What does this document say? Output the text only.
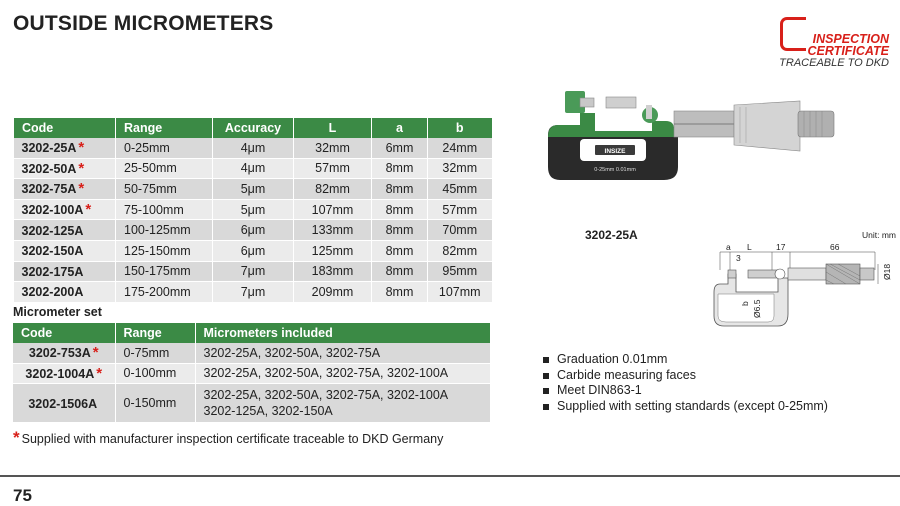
OUTSIDE MICROMETERS
INSPECTION
CERTIFICATE
TRACEABLE TO DKD
Code	Range	Accuracy	L	a	b
3202-25A *	0-25mm	4μm	32mm	6mm	24mm
3202-50A *	25-50mm	4μm	57mm	8mm	32mm
3202-75A *	50-75mm	5μm	82mm	8mm	45mm
3202-100A *	75-100mm	5μm	107mm	8mm	57mm
3202-125A	100-125mm	6μm	133mm	8mm	70mm
3202-150A	125-150mm	6μm	125mm	8mm	82mm
3202-175A	150-175mm	7μm	183mm	8mm	95mm
3202-200A	175-200mm	7μm	209mm	8mm	107mm
Micrometer set
Code	Range	Micrometers included
3202-753A *	0-75mm	3202-25A, 3202-50A, 3202-75A
3202-1004A *	0-100mm	3202-25A, 3202-50A, 3202-75A, 3202-100A
3202-1506A	0-150mm	3202-25A, 3202-50A, 3202-75A, 3202-100A
3202-125A, 3202-150A
* Supplied with manufacturer inspection certificate traceable to DKD Germany
INSIZE
0-25mm 0.01mm
3202-25A	Unit: mm
a L	17	66
3
Ø18
b Ø6.5
Graduation 0.01mm
Carbide measuring faces
Meet DIN863-1
Supplied with setting standards (except 0-25mm)
75
